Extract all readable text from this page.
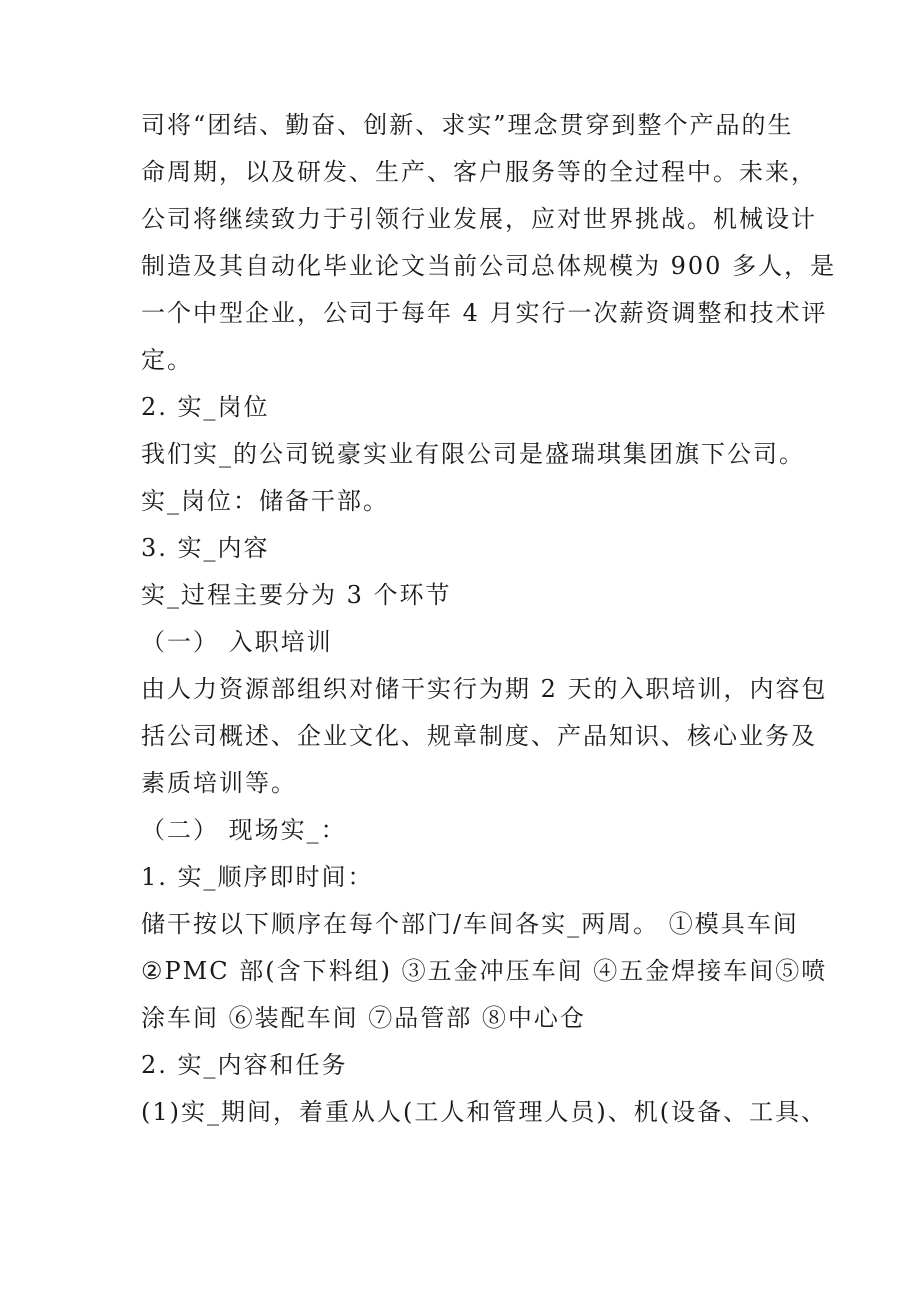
司将“团结、勤奋、创新、求实”理念贯穿到整个产品的生
命周期，以及研发、生产、客户服务等的全过程中。未来，
公司将继续致力于引领行业发展，应对世界挑战。机械设计
制造及其自动化毕业论文当前公司总体规模为 900 多人，是
一个中型企业，公司于每年 4 月实行一次薪资调整和技术评
定。
2. 实_岗位
我们实_的公司锐豪实业有限公司是盛瑞琪集团旗下公司。
实_岗位：储备干部。
3. 实_内容
实_过程主要分为 3 个环节
（一） 入职培训
由人力资源部组织对储干实行为期 2 天的入职培训，内容包
括公司概述、企业文化、规章制度、产品知识、核心业务及
素质培训等。
（二） 现场实_：
1. 实_顺序即时间：
储干按以下顺序在每个部门/车间各实_两周。 ①模具车间
②PMC 部(含下料组) ③五金冲压车间 ④五金焊接车间⑤喷
涂车间 ⑥装配车间 ⑦品管部 ⑧中心仓
2. 实_内容和任务
(1)实_期间，着重从人(工人和管理人员)、机(设备、工具、
